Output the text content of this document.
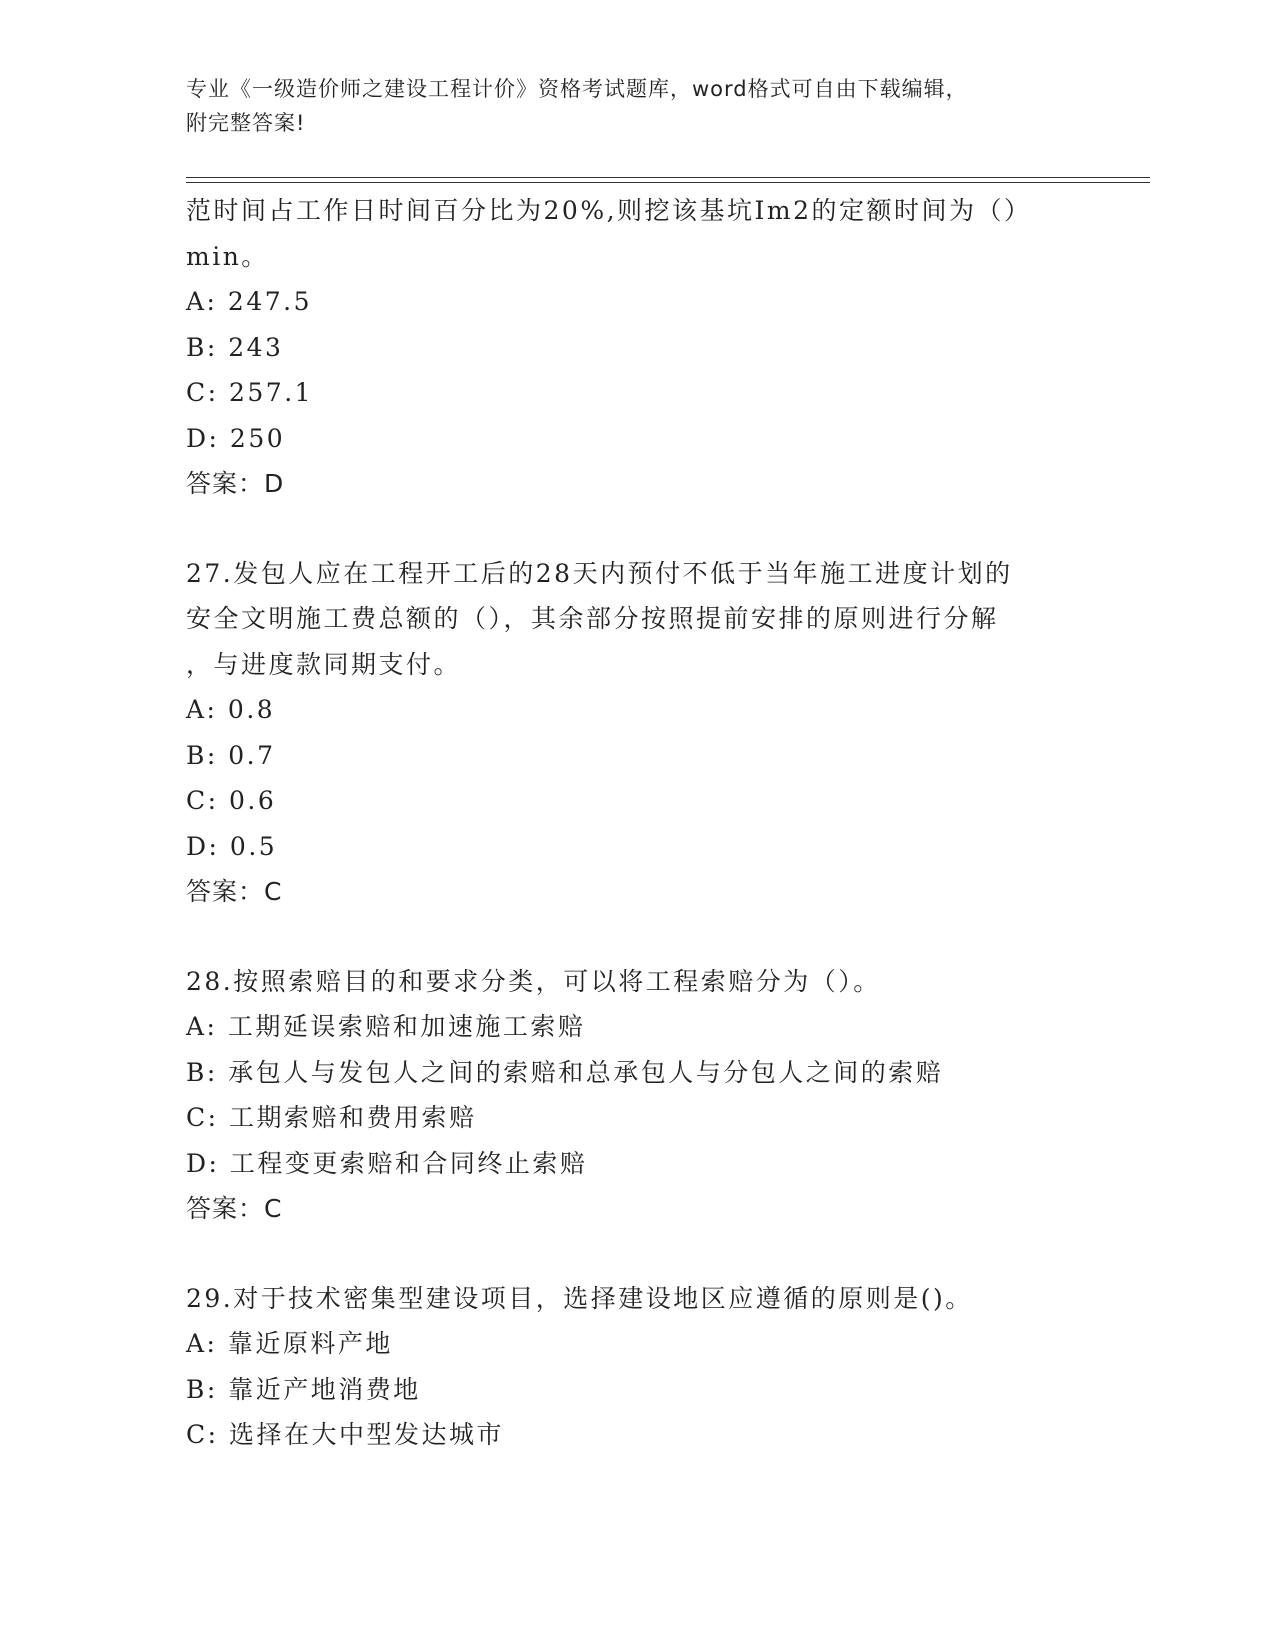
专业《一级造价师之建设工程计价》资格考试题库，word格式可自由下载编辑，
附完整答案!
范时间占工作日时间百分比为20%,则挖该基坑Im2的定额时间为（）
min。
A: 247.5
B: 243
C: 257.1
D: 250
答案：D
27.发包人应在工程开工后的28天内预付不低于当年施工进度计划的
安全文明施工费总额的（），其余部分按照提前安排的原则进行分解
，与进度款同期支付。
A: 0.8
B: 0.7
C: 0.6
D: 0.5
答案：C
28.按照索赔目的和要求分类，可以将工程索赔分为（）。
A: 工期延误索赔和加速施工索赔
B: 承包人与发包人之间的索赔和总承包人与分包人之间的索赔
C: 工期索赔和费用索赔
D: 工程变更索赔和合同终止索赔
答案：C
29.对于技术密集型建设项目，选择建设地区应遵循的原则是()。
A: 靠近原料产地
B: 靠近产地消费地
C: 选择在大中型发达城市
